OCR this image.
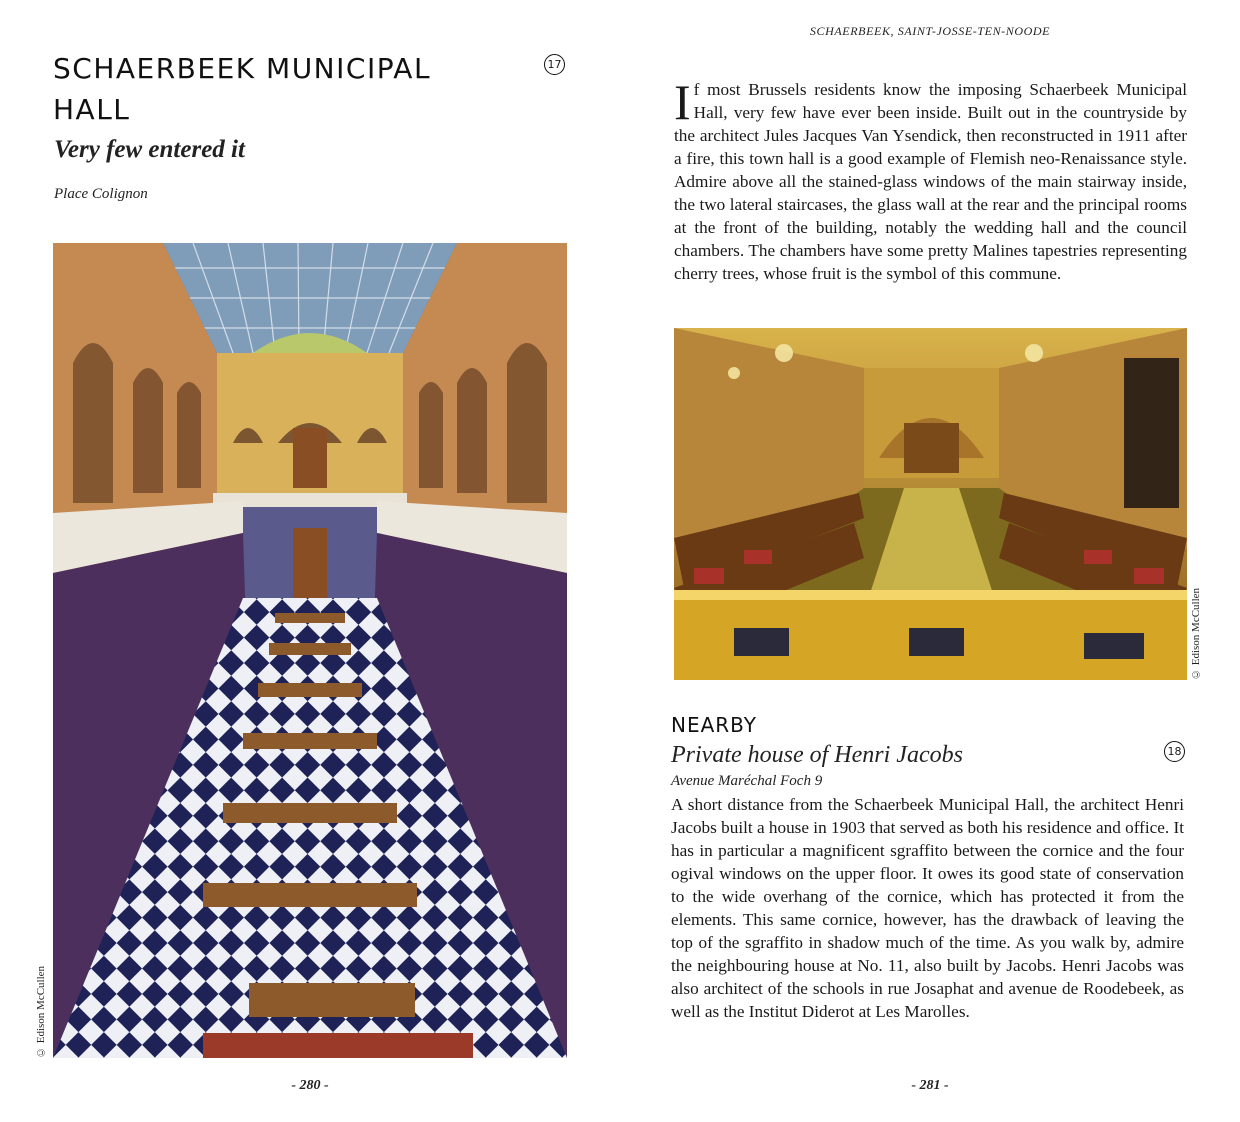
SCHAERBEEK MUNICIPAL HALL
17
Very few entered it
Place Colignon
© Edison McCullen
- 280 -
SCHAERBEEK, SAINT-JOSSE-TEN-NOODE

If most Brussels residents know the imposing Schaerbeek Municipal Hall, very few have ever been inside. Built out in the countryside by the architect Jules Jacques Van Ysendick, then reconstructed in 1911 after a fire, this town hall is a good example of Flemish neo-Renaissance style. Admire above all the stained-glass windows of the main stairway inside, the two lateral staircases, the glass wall at the rear and the principal rooms at the front of the building, notably the wedding hall and the council chambers. The chambers have some pretty Malines tapestries representing cherry trees, whose fruit is the symbol of this commune.

© Edison McCullen
NEARBY
Private house of Henri Jacobs	18
Avenue Maréchal Foch 9

A short distance from the Schaerbeek Municipal Hall, the architect Henri Jacobs built a house in 1903 that served as both his residence and office. It has in particular a magnificent sgraffito between the cornice and the four ogival windows on the upper floor. It owes its good state of conservation to the wide overhang of the cornice, which has protected it from the elements. This same cornice, however, has the drawback of leaving the top of the sgraffito in shadow much of the time. As you walk by, admire the neighbouring house at No. 11, also built by Jacobs. Henri Jacobs was also architect of the schools in rue Josaphat and avenue de Roodebeek, as well as the Institut Diderot at Les Marolles.

- 281 -
